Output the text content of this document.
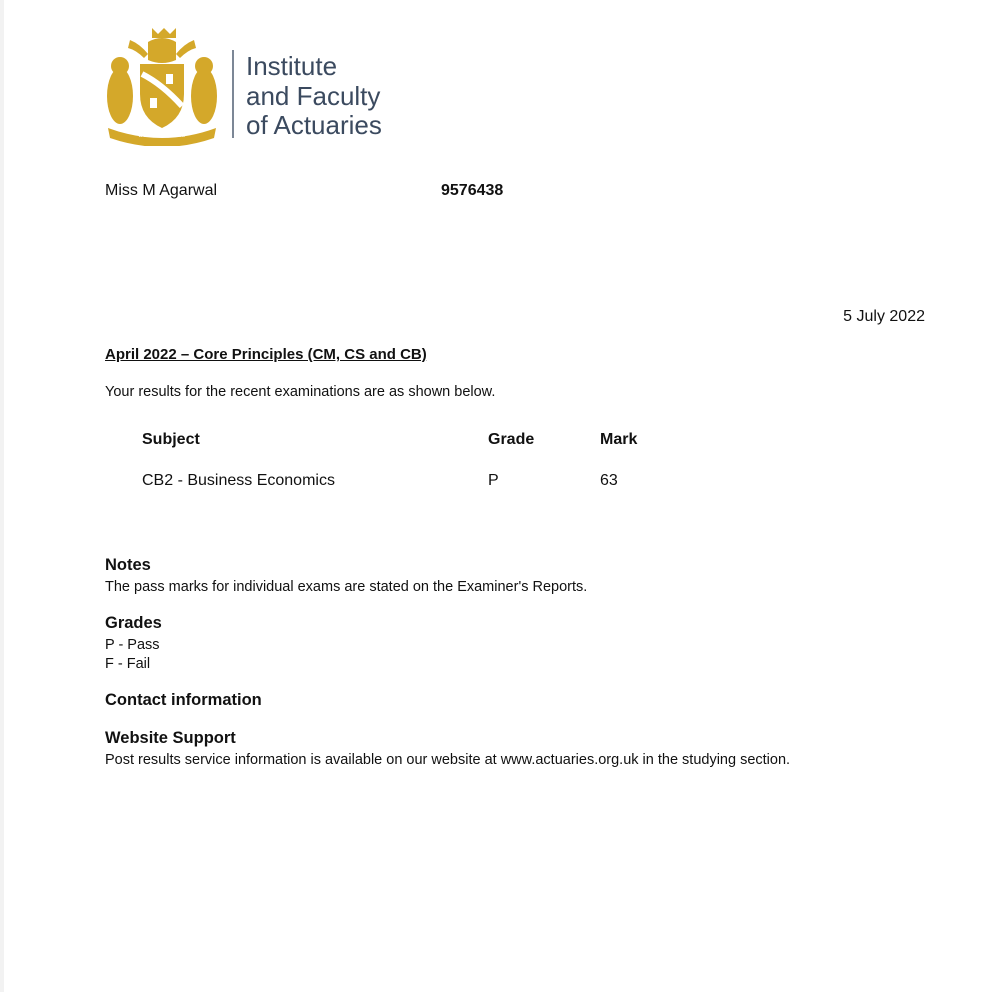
E PERITIA RATIO
Institute
and Faculty
of Actuaries
Miss M Agarwal	9576438
5 July 2022
April 2022 – Core Principles (CM, CS and CB)
Your results for the recent examinations are as shown below.
Subject	Grade	Mark
CB2 - Business Economics	P	63
Notes
The pass marks for individual exams are stated on the Examiner's Reports.
Grades
P - Pass
F - Fail
Contact information
Website Support
Post results service information is available on our website at www.actuaries.org.uk in the studying section.
